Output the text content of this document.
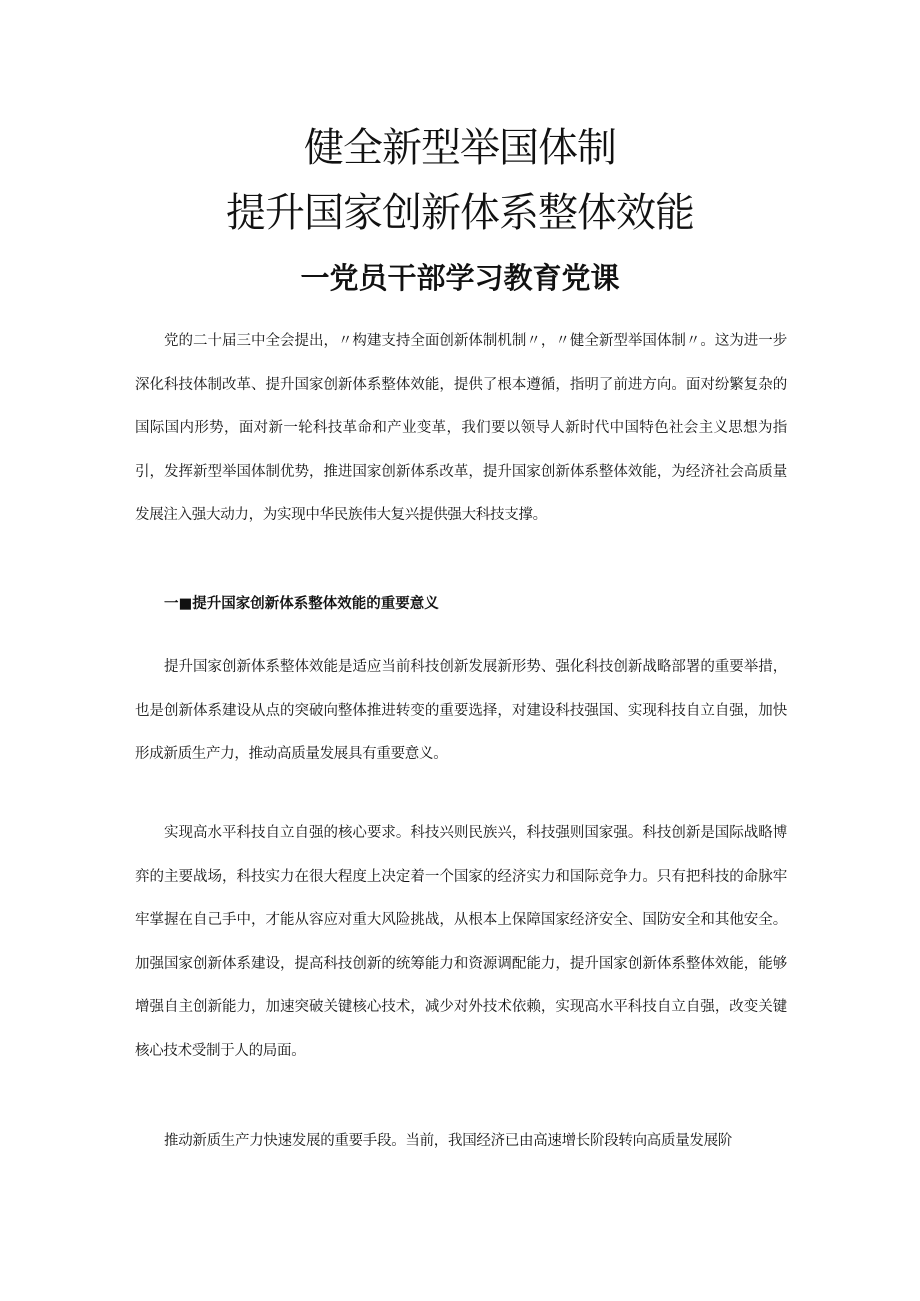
健全新型举国体制
提升国家创新体系整体效能
一党员干部学习教育党课

党的二十届三中全会提出，〃构建支持全面创新体制机制〃，〃健全新型举国体制〃。这为进一步深化科技体制改革、提升国家创新体系整体效能，提供了根本遵循，指明了前进方向。面对纷繁复杂的国际国内形势，面对新一轮科技革命和产业变革，我们要以领导人新时代中国特色社会主义思想为指引，发挥新型举国体制优势，推进国家创新体系改革，提升国家创新体系整体效能，为经济社会高质量发展注入强大动力，为实现中华民族伟大复兴提供强大科技支撑。

一■提升国家创新体系整体效能的重要意义

提升国家创新体系整体效能是适应当前科技创新发展新形势、强化科技创新战略部署的重要举措，也是创新体系建设从点的突破向整体推进转变的重要选择，对建设科技强国、实现科技自立自强，加快形成新质生产力，推动高质量发展具有重要意义。

实现高水平科技自立自强的核心要求。科技兴则民族兴，科技强则国家强。科技创新是国际战略博弈的主要战场，科技实力在很大程度上决定着一个国家的经济实力和国际竞争力。只有把科技的命脉牢牢掌握在自己手中，才能从容应对重大风险挑战，从根本上保障国家经济安全、国防安全和其他安全。加强国家创新体系建设，提高科技创新的统筹能力和资源调配能力，提升国家创新体系整体效能，能够增强自主创新能力，加速突破关键核心技术，减少对外技术依赖，实现高水平科技自立自强，改变关键核心技术受制于人的局面。

推动新质生产力快速发展的重要手段。当前，我国经济已由高速增长阶段转向高质量发展阶
